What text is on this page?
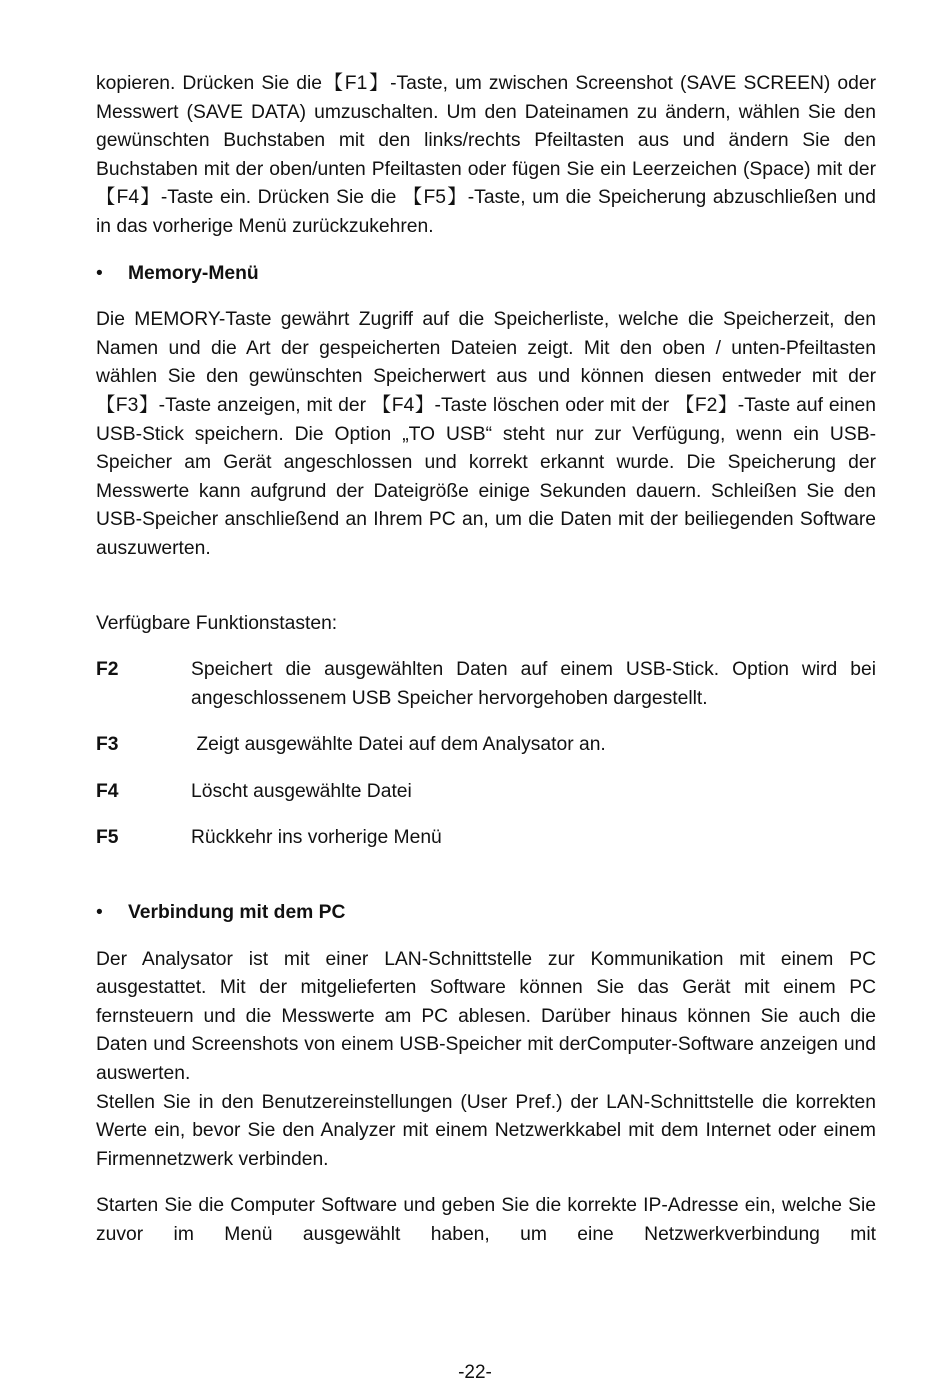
kopieren. Drücken Sie die【F1】-Taste, um zwischen Screenshot (SAVE SCREEN) oder Messwert (SAVE DATA) umzuschalten. Um den Dateinamen zu ändern, wählen Sie den gewünschten Buchstaben mit den links/rechts Pfeiltasten aus und ändern Sie den Buchstaben mit der oben/unten Pfeiltasten oder fügen Sie ein Leerzeichen (Space) mit der 【F4】-Taste ein. Drücken Sie die 【F5】-Taste, um die Speicherung abzuschließen und in das vorherige Menü zurückzukehren.

•	Memory-Menü

Die MEMORY-Taste gewährt Zugriff auf die Speicherliste, welche die Speicherzeit, den Namen und die Art der gespeicherten Dateien zeigt. Mit den oben / unten-Pfeiltasten wählen Sie den gewünschten Speicherwert aus und können diesen entweder mit der 【F3】-Taste anzeigen, mit der 【F4】-Taste löschen oder mit der 【F2】-Taste auf einen USB-Stick speichern. Die Option „TO USB“ steht nur zur Verfügung, wenn ein USB-Speicher am Gerät angeschlossen und korrekt erkannt wurde. Die Speicherung der Messwerte kann aufgrund der Dateigröße einige Sekunden dauern. Schleißen Sie den USB-Speicher anschließend an Ihrem PC an, um die Daten mit der beiliegenden Software auszuwerten.

Verfügbare Funktionstasten:

F2	Speichert die ausgewählten Daten auf einem USB-Stick. Option wird bei angeschlossenem USB Speicher hervorgehoben dargestellt.
F3	Zeigt ausgewählte Datei auf dem Analysator an.
F4	Löscht ausgewählte Datei
F5	Rückkehr ins vorherige Menü
•	Verbindung mit dem PC

Der Analysator ist mit einer LAN-Schnittstelle zur Kommunikation mit einem PC ausgestattet. Mit der mitgelieferten Software können Sie das Gerät mit einem PC fernsteuern und die Messwerte am PC ablesen. Darüber hinaus können Sie auch die Daten und Screenshots von einem USB-Speicher mit derComputer-Software anzeigen und auswerten.

Stellen Sie in den Benutzereinstellungen (User Pref.) der LAN-Schnittstelle die korrekten Werte ein, bevor Sie den Analyzer mit einem Netzwerkkabel mit dem Internet oder einem Firmennetzwerk verbinden.

Starten Sie die Computer Software und geben Sie die korrekte IP-Adresse ein, welche Sie zuvor im Menü ausgewählt haben, um eine Netzwerkverbindung mit

-22-
